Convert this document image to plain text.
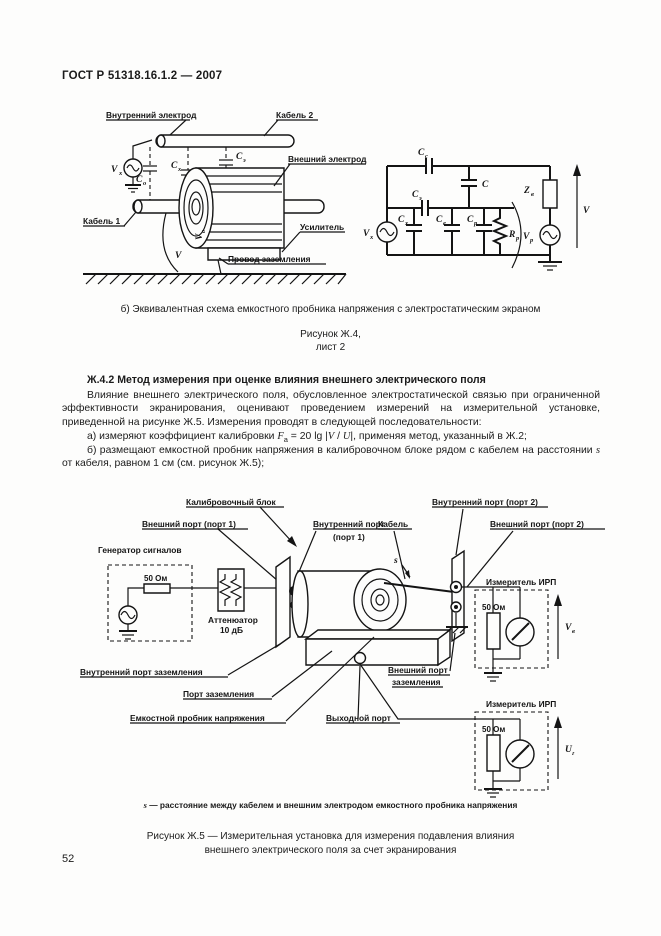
ГОСТ Р 51318.16.1.2 — 2007
V х
C о
C х
C э
V
о
V
Внутренний электрод	Кабель 2
Внешний электрод
Кабель 1
Усилитель
Провод заземления
C с
C
C э
V х
C х	C е C р
R р V р
Z в
V
б) Эквивалентная схема емкостного пробника напряжения с электростатическим экраном
Рисунок Ж.4,
лист 2
Ж.4.2 Метод измерения при оценке влияния внешнего электрического поля
Влияние внешнего электрического поля, обусловленное электростатической связью при ограниченной эффективности экранирования, оценивают проведением измерений на измерительной установке, приведенной на рисунке Ж.5. Измерения проводят в следующей последовательности:
а) измеряют коэффициент калибровки $F_а = 20$ lg |V / U|, применяя метод, указанный в Ж.2;
б) размещают емкостной пробник напряжения в калибровочном блоке рядом с кабелем на расстоянии s от кабеля, равном 1 см (см. рисунок Ж.5);
Калибровочный блок
Внешний порт (порт 1)	Внутренний порт
(порт 1)
Кабель
Внутренний порт (порт 2)
Внешний порт (порт 2)
Генератор сигналов
50 Ом
Аттенюатор
10 дБ
s
Измеритель ИРП
50 Ом
V в
Измеритель ИРП
50 Ом
U г
Внутренний порт заземления
Порт заземления
Емкостной пробник напряжения	Выходной порт
Внешний порт
заземления
s — расстояние между кабелем и внешним электродом емкостного пробника напряжения
Рисунок Ж.5 — Измерительная установка для измерения подавления влияния
внешнего электрического поля за счет экранирования
52
